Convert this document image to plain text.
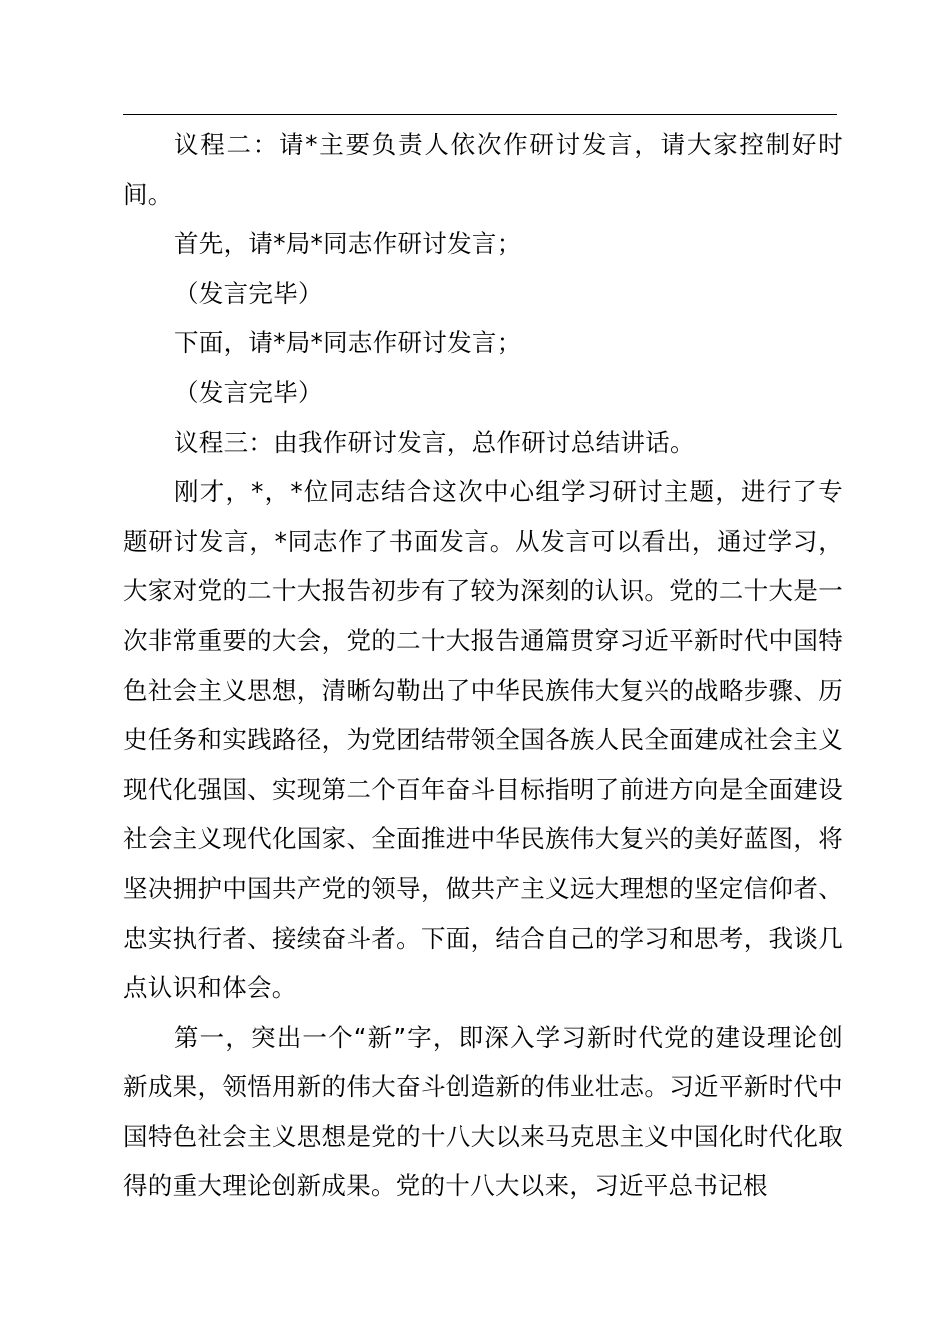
议程二：请*主要负责人依次作研讨发言，请大家控制好时间。

首先，请*局*同志作研讨发言；

（发言完毕）

下面，请*局*同志作研讨发言；

（发言完毕）

议程三：由我作研讨发言，总作研讨总结讲话。

刚才，*，*位同志结合这次中心组学习研讨主题，进行了专题研讨发言，*同志作了书面发言。从发言可以看出，通过学习，大家对党的二十大报告初步有了较为深刻的认识。党的二十大是一次非常重要的大会，党的二十大报告通篇贯穿习近平新时代中国特色社会主义思想，清晰勾勒出了中华民族伟大复兴的战略步骤、历史任务和实践路径，为党团结带领全国各族人民全面建成社会主义现代化强国、实现第二个百年奋斗目标指明了前进方向是全面建设社会主义现代化国家、全面推进中华民族伟大复兴的美好蓝图，将坚决拥护中国共产党的领导，做共产主义远大理想的坚定信仰者、忠实执行者、接续奋斗者。下面，结合自己的学习和思考，我谈几点认识和体会。

第一，突出一个“新”字，即深入学习新时代党的建设理论创新成果，领悟用新的伟大奋斗创造新的伟业壮志。习近平新时代中国特色社会主义思想是党的十八大以来马克思主义中国化时代化取得的重大理论创新成果。党的十八大以来，习近平总书记根
